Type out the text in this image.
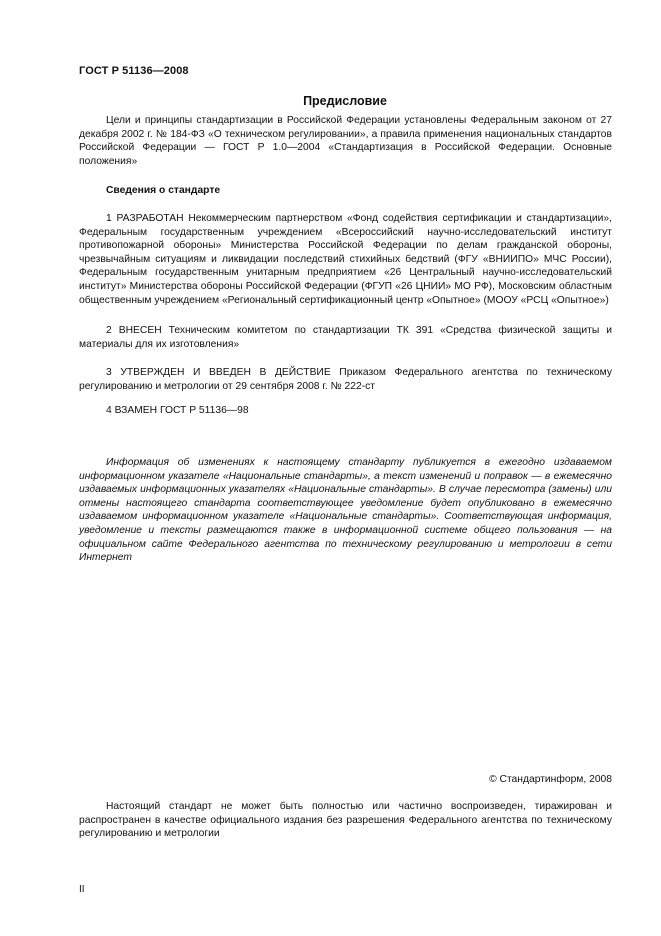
ГОСТ Р 51136—2008
Предисловие

Цели и принципы стандартизации в Российской Федерации установлены Федеральным законом от 27 декабря 2002 г. № 184-ФЗ «О техническом регулировании», а правила применения национальных стандартов Российской Федерации — ГОСТ Р 1.0—2004 «Стандартизация в Российской Федерации. Основные положения»

Сведения о стандарте

1 РАЗРАБОТАН Некоммерческим партнерством «Фонд содействия сертификации и стандартизации», Федеральным государственным учреждением «Всероссийский научно-исследовательский институт противопожарной обороны» Министерства Российской Федерации по делам гражданской обороны, чрезвычайным ситуациям и ликвидации последствий стихийных бедствий (ФГУ «ВНИИПО» МЧС России), Федеральным государственным унитарным предприятием «26 Центральный научно-исследовательский институт» Министерства обороны Российской Федерации (ФГУП «26 ЦНИИ» МО РФ), Московским областным общественным учреждением «Региональный сертификационный центр «Опытное» (МООУ «РСЦ «Опытное»)

2 ВНЕСЕН Техническим комитетом по стандартизации ТК 391 «Средства физической защиты и материалы для их изготовления»

3 УТВЕРЖДЕН И ВВЕДЕН В ДЕЙСТВИЕ Приказом Федерального агентства по техническому регулированию и метрологии от 29 сентября 2008 г. № 222-ст

4 ВЗАМЕН ГОСТ Р 51136—98

Информация об изменениях к настоящему стандарту публикуется в ежегодно издаваемом информационном указателе «Национальные стандарты», а текст изменений и поправок — в ежемесячно издаваемых информационных указателях «Национальные стандарты». В случае пересмотра (замены) или отмены настоящего стандарта соответствующее уведомление будет опубликовано в ежемесячно издаваемом информационном указателе «Национальные стандарты». Соответствующая информация, уведомление и тексты размещаются также в информационной системе общего пользования — на официальном сайте Федерального агентства по техническому регулированию и метрологии в сети Интернет

© Стандартинформ, 2008

Настоящий стандарт не может быть полностью или частично воспроизведен, тиражирован и распространен в качестве официального издания без разрешения Федерального агентства по техническому регулированию и метрологии

II
